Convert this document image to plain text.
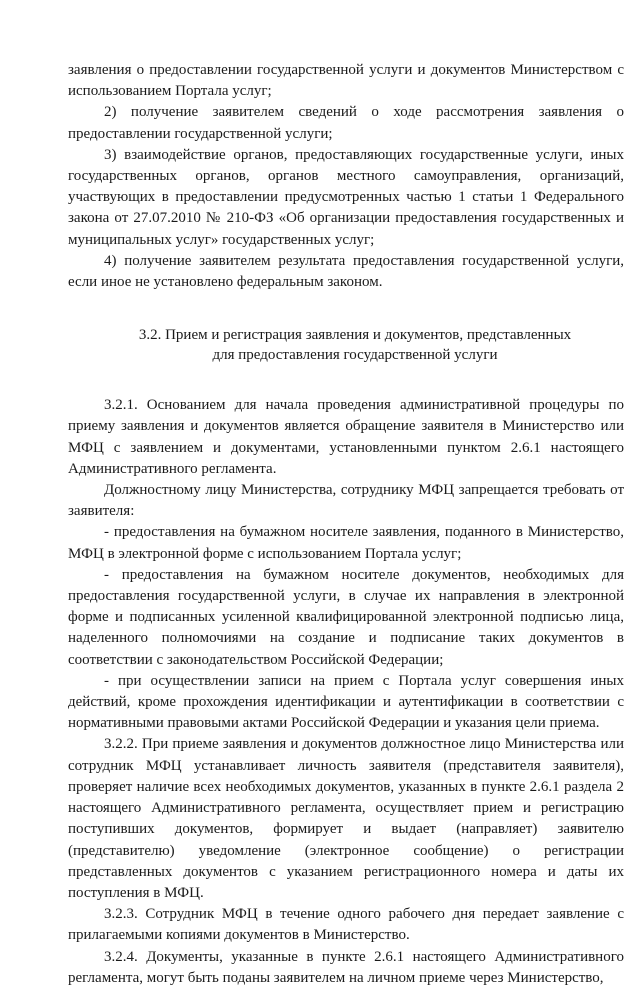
заявления о предоставлении государственной услуги и документов Министерством с использованием Портала услуг;

2) получение заявителем сведений о ходе рассмотрения заявления о предоставлении государственной услуги;

3) взаимодействие органов, предоставляющих государственные услуги, иных государственных органов, органов местного самоуправления, организаций, участвующих в предоставлении предусмотренных частью 1 статьи 1 Федерального закона от 27.07.2010 № 210-ФЗ «Об организации предоставления государственных и муниципальных услуг» государственных услуг;

4) получение заявителем результата предоставления государственной услуги, если иное не установлено федеральным законом.

3.2. Прием и регистрация заявления и документов, представленных

для предоставления государственной услуги

3.2.1. Основанием для начала проведения административной процедуры по приему заявления и документов является обращение заявителя в Министерство или МФЦ с заявлением и документами, установленными пунктом 2.6.1 настоящего Административного регламента.

Должностному лицу Министерства, сотруднику МФЦ запрещается требовать от заявителя:

- предоставления на бумажном носителе заявления, поданного в Министерство, МФЦ в электронной форме с использованием Портала услуг;

- предоставления на бумажном носителе документов, необходимых для предоставления государственной услуги, в случае их направления в электронной форме и подписанных усиленной квалифицированной электронной подписью лица, наделенного полномочиями на создание и подписание таких документов в соответствии с законодательством Российской Федерации;

- при осуществлении записи на прием с Портала услуг совершения иных действий, кроме прохождения идентификации и аутентификации в соответствии с нормативными правовыми актами Российской Федерации и указания цели приема.

3.2.2. При приеме заявления и документов должностное лицо Министерства или сотрудник МФЦ устанавливает личность заявителя (представителя заявителя), проверяет наличие всех необходимых документов, указанных в пункте 2.6.1 раздела 2 настоящего Административного регламента, осуществляет прием и регистрацию поступивших документов, формирует и выдает (направляет) заявителю (представителю) уведомление (электронное сообщение) о регистрации представленных документов с указанием регистрационного номера и даты их поступления в МФЦ.

3.2.3. Сотрудник МФЦ в течение одного рабочего дня передает заявление с прилагаемыми копиями документов в Министерство.

3.2.4. Документы, указанные в пункте 2.6.1 настоящего Административного регламента, могут быть поданы заявителем на личном приеме через Министерство,
